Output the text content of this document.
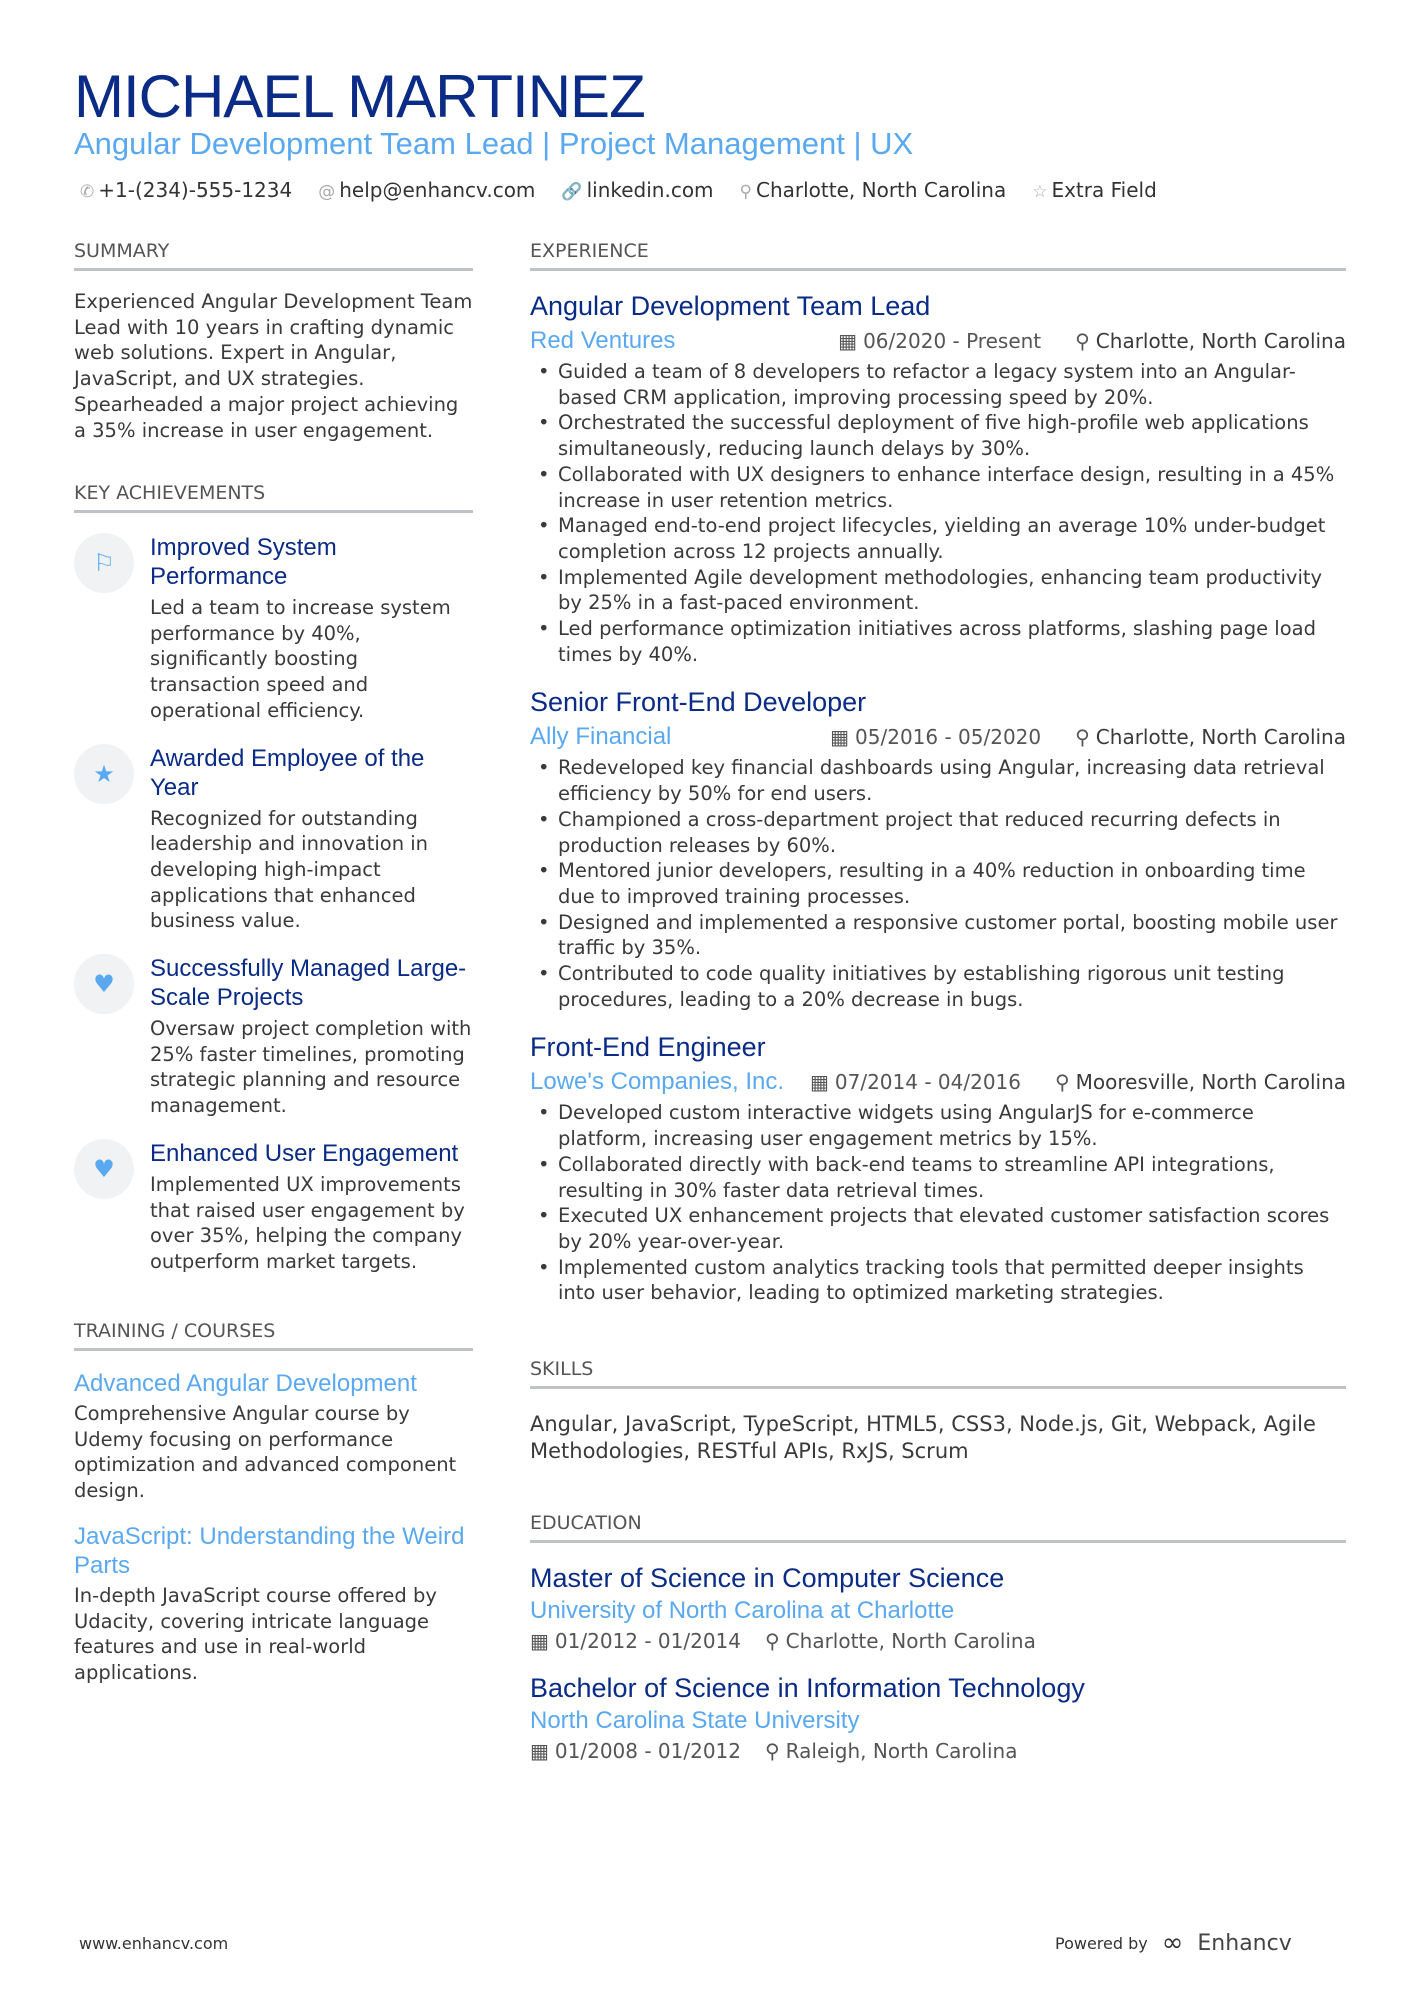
MICHAEL MARTINEZ
Angular Development Team Lead | Project Management | UX
✆ +1-(234)-555-1234 @ help@enhancv.com 🔗 linkedin.com ⚲ Charlotte, North Carolina ☆ Extra Field
SUMMARY
Experienced Angular Development Team Lead with 10 years in crafting dynamic web solutions. Expert in Angular, JavaScript, and UX strategies. Spearheaded a major project achieving a 35% increase in user engagement.
KEY ACHIEVEMENTS
⚐
Improved System Performance
Led a team to increase system performance by 40%, significantly boosting transaction speed and operational efficiency.
★
Awarded Employee of the Year
Recognized for outstanding leadership and innovation in developing high-impact applications that enhanced business value.
♥
Successfully Managed Large-Scale Projects
Oversaw project completion with 25% faster timelines, promoting strategic planning and resource management.
♥
Enhanced User Engagement
Implemented UX improvements that raised user engagement by over 35%, helping the company outperform market targets.
TRAINING / COURSES
Advanced Angular Development
Comprehensive Angular course by Udemy focusing on performance optimization and advanced component design.
JavaScript: Understanding the Weird Parts
In-depth JavaScript course offered by Udacity, covering intricate language features and use in real-world applications.
EXPERIENCE
Angular Development Team Lead
Red Ventures	▦ 06/2020 - Present ⚲ Charlotte, North Carolina
• Guided a team of 8 developers to refactor a legacy system into an Angular-based CRM application, improving processing speed by 20%.
• Orchestrated the successful deployment of five high-profile web applications simultaneously, reducing launch delays by 30%.
• Collaborated with UX designers to enhance interface design, resulting in a 45% increase in user retention metrics.
• Managed end-to-end project lifecycles, yielding an average 10% under-budget completion across 12 projects annually.
• Implemented Agile development methodologies, enhancing team productivity by 25% in a fast-paced environment.
• Led performance optimization initiatives across platforms, slashing page load times by 40%.
Senior Front-End Developer
Ally Financial	▦ 05/2016 - 05/2020 ⚲ Charlotte, North Carolina
• Redeveloped key financial dashboards using Angular, increasing data retrieval efficiency by 50% for end users.
• Championed a cross-department project that reduced recurring defects in production releases by 60%.
• Mentored junior developers, resulting in a 40% reduction in onboarding time due to improved training processes.
• Designed and implemented a responsive customer portal, boosting mobile user traffic by 35%.
• Contributed to code quality initiatives by establishing rigorous unit testing procedures, leading to a 20% decrease in bugs.
Front-End Engineer
Lowe's Companies, Inc.	▦ 07/2014 - 04/2016 ⚲ Mooresville, North Carolina
• Developed custom interactive widgets using AngularJS for e-commerce platform, increasing user engagement metrics by 15%.
• Collaborated directly with back-end teams to streamline API integrations, resulting in 30% faster data retrieval times.
• Executed UX enhancement projects that elevated customer satisfaction scores by 20% year-over-year.
• Implemented custom analytics tracking tools that permitted deeper insights into user behavior, leading to optimized marketing strategies.
SKILLS
Angular, JavaScript, TypeScript, HTML5, CSS3, Node.js, Git, Webpack, Agile Methodologies, RESTful APIs, RxJS, Scrum
EDUCATION
Master of Science in Computer Science
University of North Carolina at Charlotte
▦ 01/2012 - 01/2014 ⚲ Charlotte, North Carolina
Bachelor of Science in Information Technology
North Carolina State University
▦ 01/2008 - 01/2012 ⚲ Raleigh, North Carolina
www.enhancv.com	Powered by ∞ Enhancv
